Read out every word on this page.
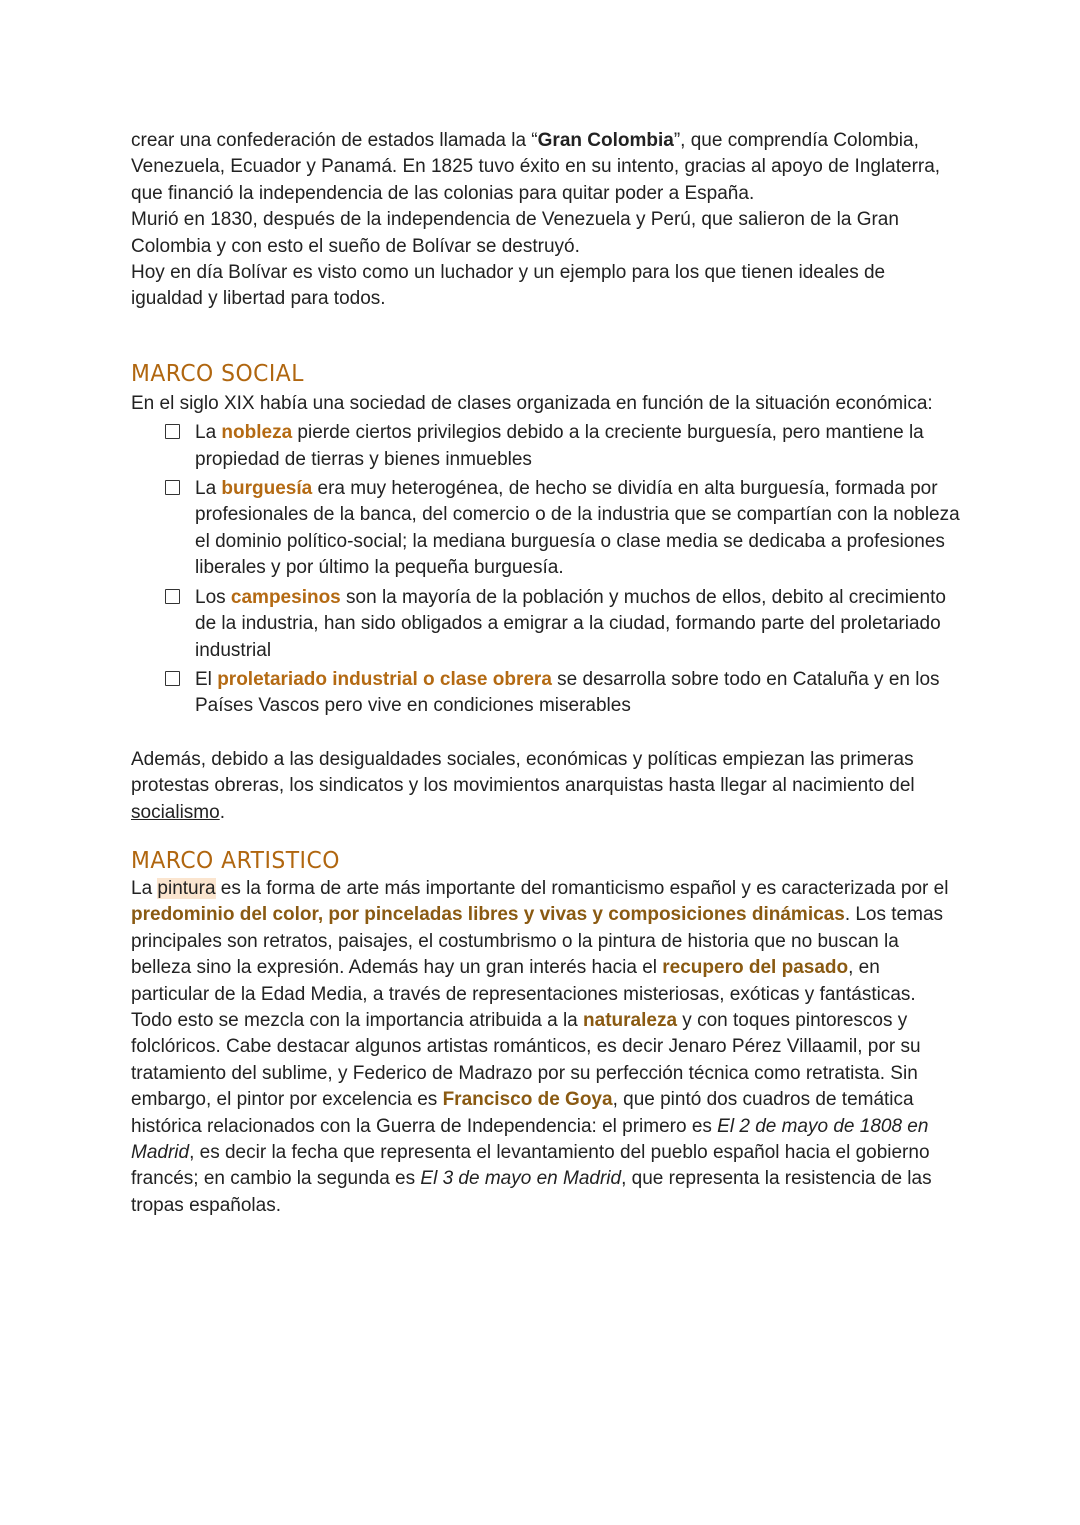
crear una confederación de estados llamada la “Gran Colombia”, que comprendía Colombia, Venezuela, Ecuador y Panamá. En 1825 tuvo éxito en su intento, gracias al apoyo de Inglaterra, que financió la independencia de las colonias para quitar poder a España.

Murió en 1830, después de la independencia de Venezuela y Perú, que salieron de la Gran Colombia y con esto el sueño de Bolívar se destruyó.

Hoy en día Bolívar es visto como un luchador y un ejemplo para los que tienen ideales de igualdad y libertad para todos.

MARCO SOCIAL

En el siglo XIX había una sociedad de clases organizada en función de la situación económica:

La nobleza pierde ciertos privilegios debido a la creciente burguesía, pero mantiene la propiedad de tierras y bienes inmuebles
La burguesía era muy heterogénea, de hecho se dividía en alta burguesía, formada por profesionales de la banca, del comercio o de la industria que se compartían con la nobleza el dominio político-social; la mediana burguesía o clase media se dedicaba a profesiones liberales y por último la pequeña burguesía.
Los campesinos son la mayoría de la población y muchos de ellos, debito al crecimiento de la industria, han sido obligados a emigrar a la ciudad, formando parte del proletariado industrial
El proletariado industrial o clase obrera se desarrolla sobre todo en Cataluña y en los Países Vascos pero vive en condiciones miserables

Además, debido a las desigualdades sociales, económicas y políticas empiezan las primeras protestas obreras, los sindicatos y los movimientos anarquistas hasta llegar al nacimiento del socialismo.

MARCO ARTISTICO

La pintura es la forma de arte más importante del romanticismo español y es caracterizada por el predominio del color, por pinceladas libres y vivas y composiciones dinámicas. Los temas principales son retratos, paisajes, el costumbrismo o la pintura de historia que no buscan la belleza sino la expresión. Además hay un gran interés hacia el recupero del pasado, en particular de la Edad Media, a través de representaciones misteriosas, exóticas y fantásticas. Todo esto se mezcla con la importancia atribuida a la naturaleza y con toques pintorescos y folclóricos. Cabe destacar algunos artistas románticos, es decir Jenaro Pérez Villaamil, por su tratamiento del sublime, y Federico de Madrazo por su perfección técnica como retratista. Sin embargo, el pintor por excelencia es Francisco de Goya, que pintó dos cuadros de temática histórica relacionados con la Guerra de Independencia: el primero es El 2 de mayo de 1808 en Madrid, es decir la fecha que representa el levantamiento del pueblo español hacia el gobierno francés; en cambio la segunda es El 3 de mayo en Madrid, que representa la resistencia de las tropas españolas.
